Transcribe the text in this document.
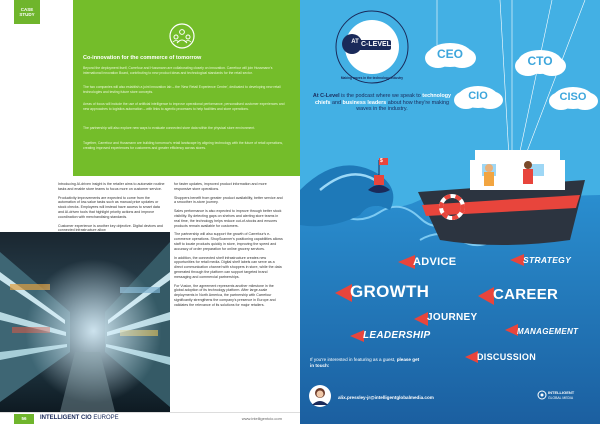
CASE
STUDY
Co-innovation for the commerce of tomorrow
Beyond the deployment itself, Carrefour and Hussmann are collaborating closely on innovation. Carrefour will join Hussmann's international Innovation Board, contributing to new product ideas and technological standards for the retail sector.
The two companies will also establish a joint innovation lab – the 'New Retail Experience Centre', dedicated to developing new retail technologies and testing future store concepts.
Areas of focus will include the use of artificial intelligence to improve operational performance, personalised customer experiences and new approaches to logistics automation – with links to agentic processes to help facilities and store operations.
The partnership will also explore new ways to evaluate connected store data within the physical store environment.
Together, Carrefour and Hussmann are building tomorrow's retail landscape by aligning technology with the future of retail operations, creating improved experiences for customers and greater efficiency across stores.

Introducing AI-driven insight is the retailer aims to automate routine tasks and enable store teams to focus more on customer service.

Productivity improvements are expected to come from the automation of low-value tasks such as manual price updates or stock checks. Employees will instead have access to smart data and AI-driven tools that highlight priority actions and improve coordination with merchandising standards.

Customer experience is another key objective. Digital devices and connected infrastructure allow

for faster updates, improved product information and more responsive store operations.

Shoppers benefit from greater product availability, better service and a smoother in-store journey.

Sales performance is also expected to improve through better stock visibility. By detecting gaps on shelves and alerting store teams in real time, the technology helps reduce out-of-stocks and ensures products remain available for customers.

The partnership will also support the growth of Carrefour's e-commerce operations. ShopScanner's positioning capabilities allows staff to locate products quickly in store, improving the speed and accuracy of order preparation for online grocery services.

In addition, the connected shelf infrastructure creates new opportunities for retail media. Digital shelf labels can serve as a direct communication channel with shoppers in store, while the data generated through the platform can support targeted brand messaging and commercial partnerships.

For Vusion, the agreement represents another milestone in the global adoption of its technology platform. After large-scale deployments in North America, the partnership with Carrefour significantly strengthens the company's presence in Europe and validates the relevance of its solutions for major retailers.

56	INTELLIGENT CIO EUROPE	www.intelligentcio.com
AT C-LEVEL
Making waves in the technology industry
At C-Level is the podcast where we speak to technology chiefs and business leaders about how they're making waves in the industry.
CEO	CTO
CIO	CISO
$
ADVICE	STRATEGY
GROWTH	CAREER
JOURNEY
LEADERSHIP	MANAGEMENT
DISCUSSION
If you're interested in featuring as a guest, please get in touch:
alix.pressley-jr@intelligentglobalmedia.com
INTELLIGENT
GLOBAL MEDIA
